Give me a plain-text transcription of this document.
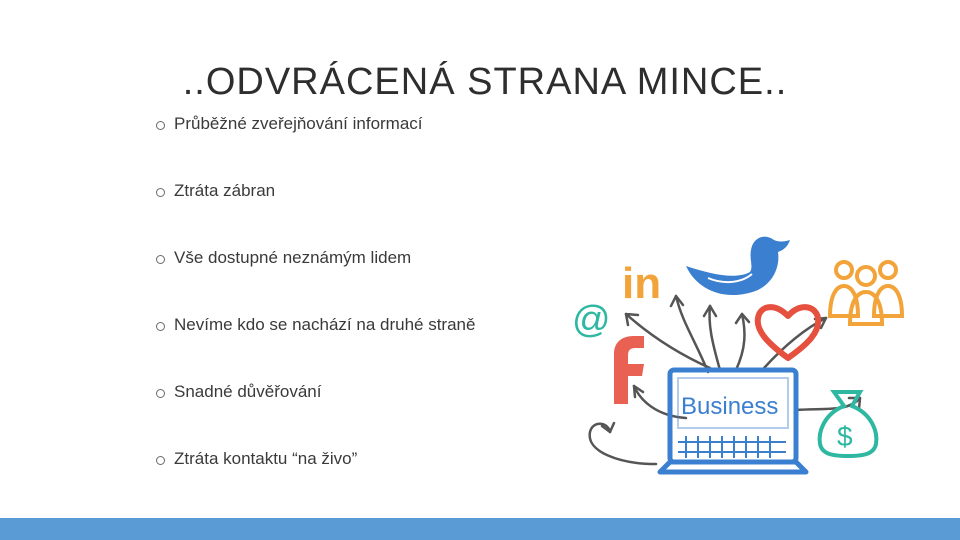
..ODVRÁCENÁ STRANA MINCE..
Průběžné zveřejňování informací
Ztráta zábran
Vše dostupné neznámým lidem
Nevíme kdo se nachází na druhé straně
Snadné důvěřování
Ztráta kontaktu “na živo”
@
in
$
Business
